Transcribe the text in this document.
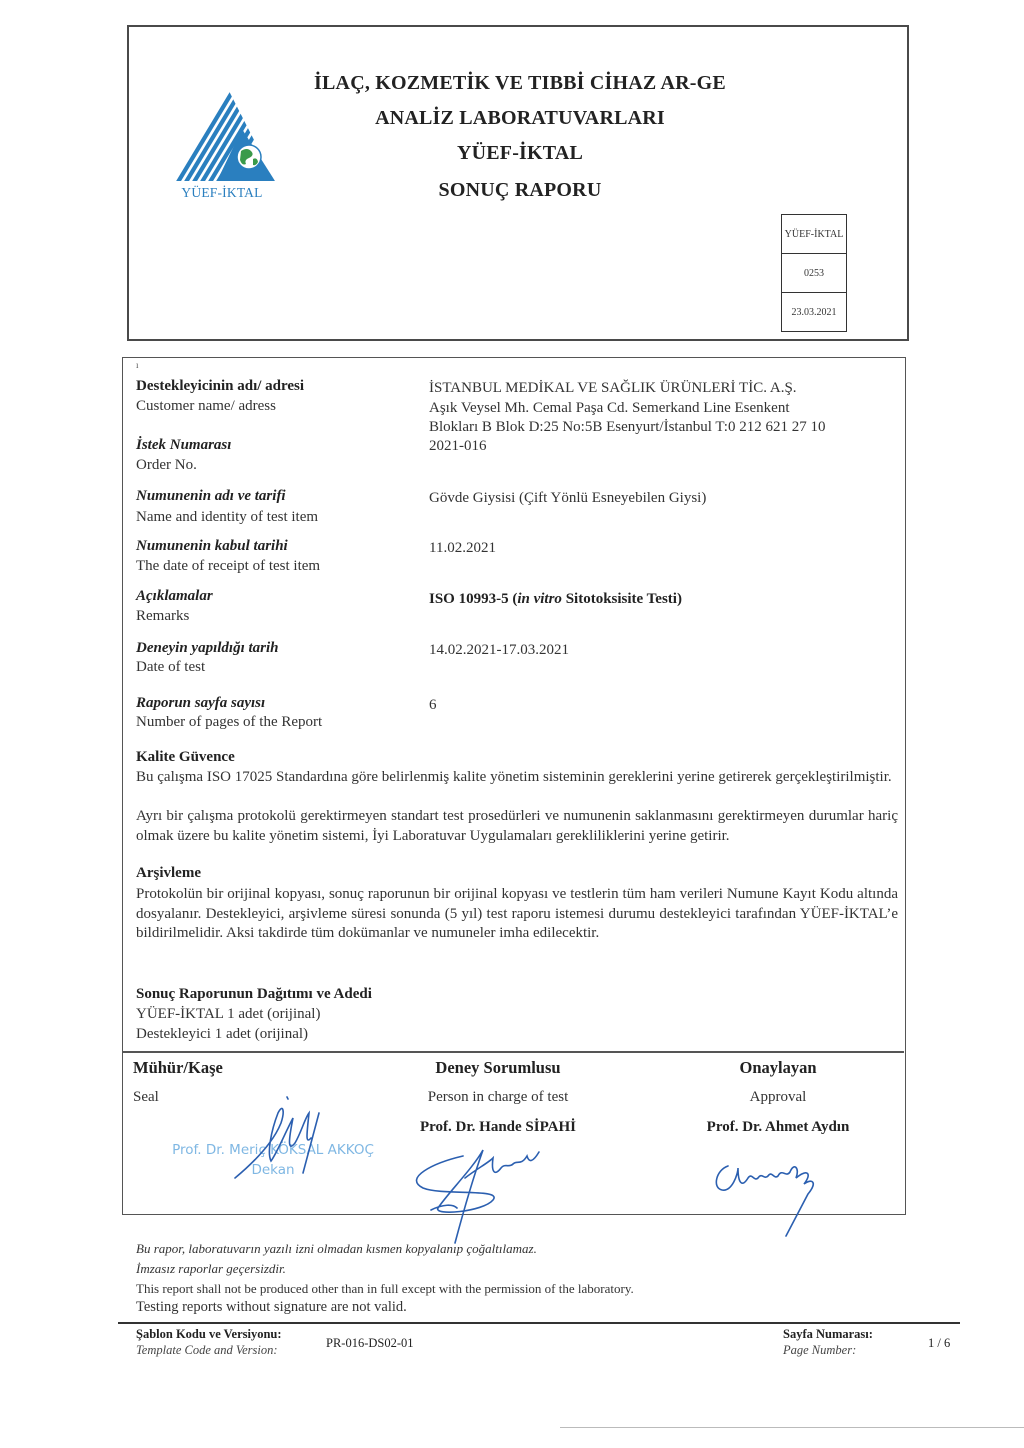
YÜEF-İKTAL
İLAÇ, KOZMETİK VE TIBBİ CİHAZ AR-GE
ANALİZ LABORATUVARLARI
YÜEF-İKTAL
SONUÇ RAPORU
YÜEF-İKTAL
0253
23.03.2021
ı
Destekleyicinin adı/ adresi
Customer name/ adress
İSTANBUL MEDİKAL VE SAĞLIK ÜRÜNLERİ TİC. A.Ş.
Aşık Veysel Mh. Cemal Paşa Cd. Semerkand Line Esenkent
Blokları B Blok D:25 No:5B Esenyurt/İstanbul T:0 212 621 27 10
İstek Numarası
Order No.
2021-016
Numunenin adı ve tarifi
Name and identity of test item
Gövde Giysisi (Çift Yönlü Esneyebilen Giysi)
Numunenin kabul tarihi
The date of receipt of test item
11.02.2021
Açıklamalar
Remarks
ISO 10993-5 (in vitro Sitotoksisite Testi)
Deneyin yapıldığı tarih
Date of test
14.02.2021-17.03.2021
Raporun sayfa sayısı
Number of pages of the Report
6
Kalite Güvence
Bu çalışma ISO 17025 Standardına göre belirlenmiş kalite yönetim sisteminin gereklerini yerine getirerek gerçekleştirilmiştir.
Ayrı bir çalışma protokolü gerektirmeyen standart test prosedürleri ve numunenin saklanmasını gerektirmeyen durumlar hariç olmak üzere bu kalite yönetim sistemi, İyi Laboratuvar Uygulamaları gerekliliklerini yerine getirir.
Arşivleme
Protokolün bir orijinal kopyası, sonuç raporunun bir orijinal kopyası ve testlerin tüm ham verileri Numune Kayıt Kodu altında dosyalanır. Destekleyici, arşivleme süresi sonunda (5 yıl) test raporu istemesi durumu destekleyici tarafından YÜEF-İKTAL’e bildirilmelidir. Aksi takdirde tüm dokümanlar ve numuneler imha edilecektir.
Sonuç Raporunun Dağıtımı ve Adedi
YÜEF-İKTAL 1 adet (orijinal)
Destekleyici 1 adet (orijinal)
Mühür/Kaşe
Seal
Prof. Dr. Meriç KÖKSAL AKKOÇ
Dekan
Deney Sorumlusu
Person in charge of test
Prof. Dr. Hande SİPAHİ
Onaylayan
Approval
Prof. Dr. Ahmet Aydın
Bu rapor, laboratuvarın yazılı izni olmadan kısmen kopyalanıp çoğaltılamaz.
İmzasız raporlar geçersizdir.
This report shall not be produced other than in full except with the permission of the laboratory.
Testing reports without signature are not valid.
Şablon Kodu ve Versiyonu:
Template Code and Version:	PR-016-DS02-01
Sayfa Numarası:
Page Number:	1 / 6
